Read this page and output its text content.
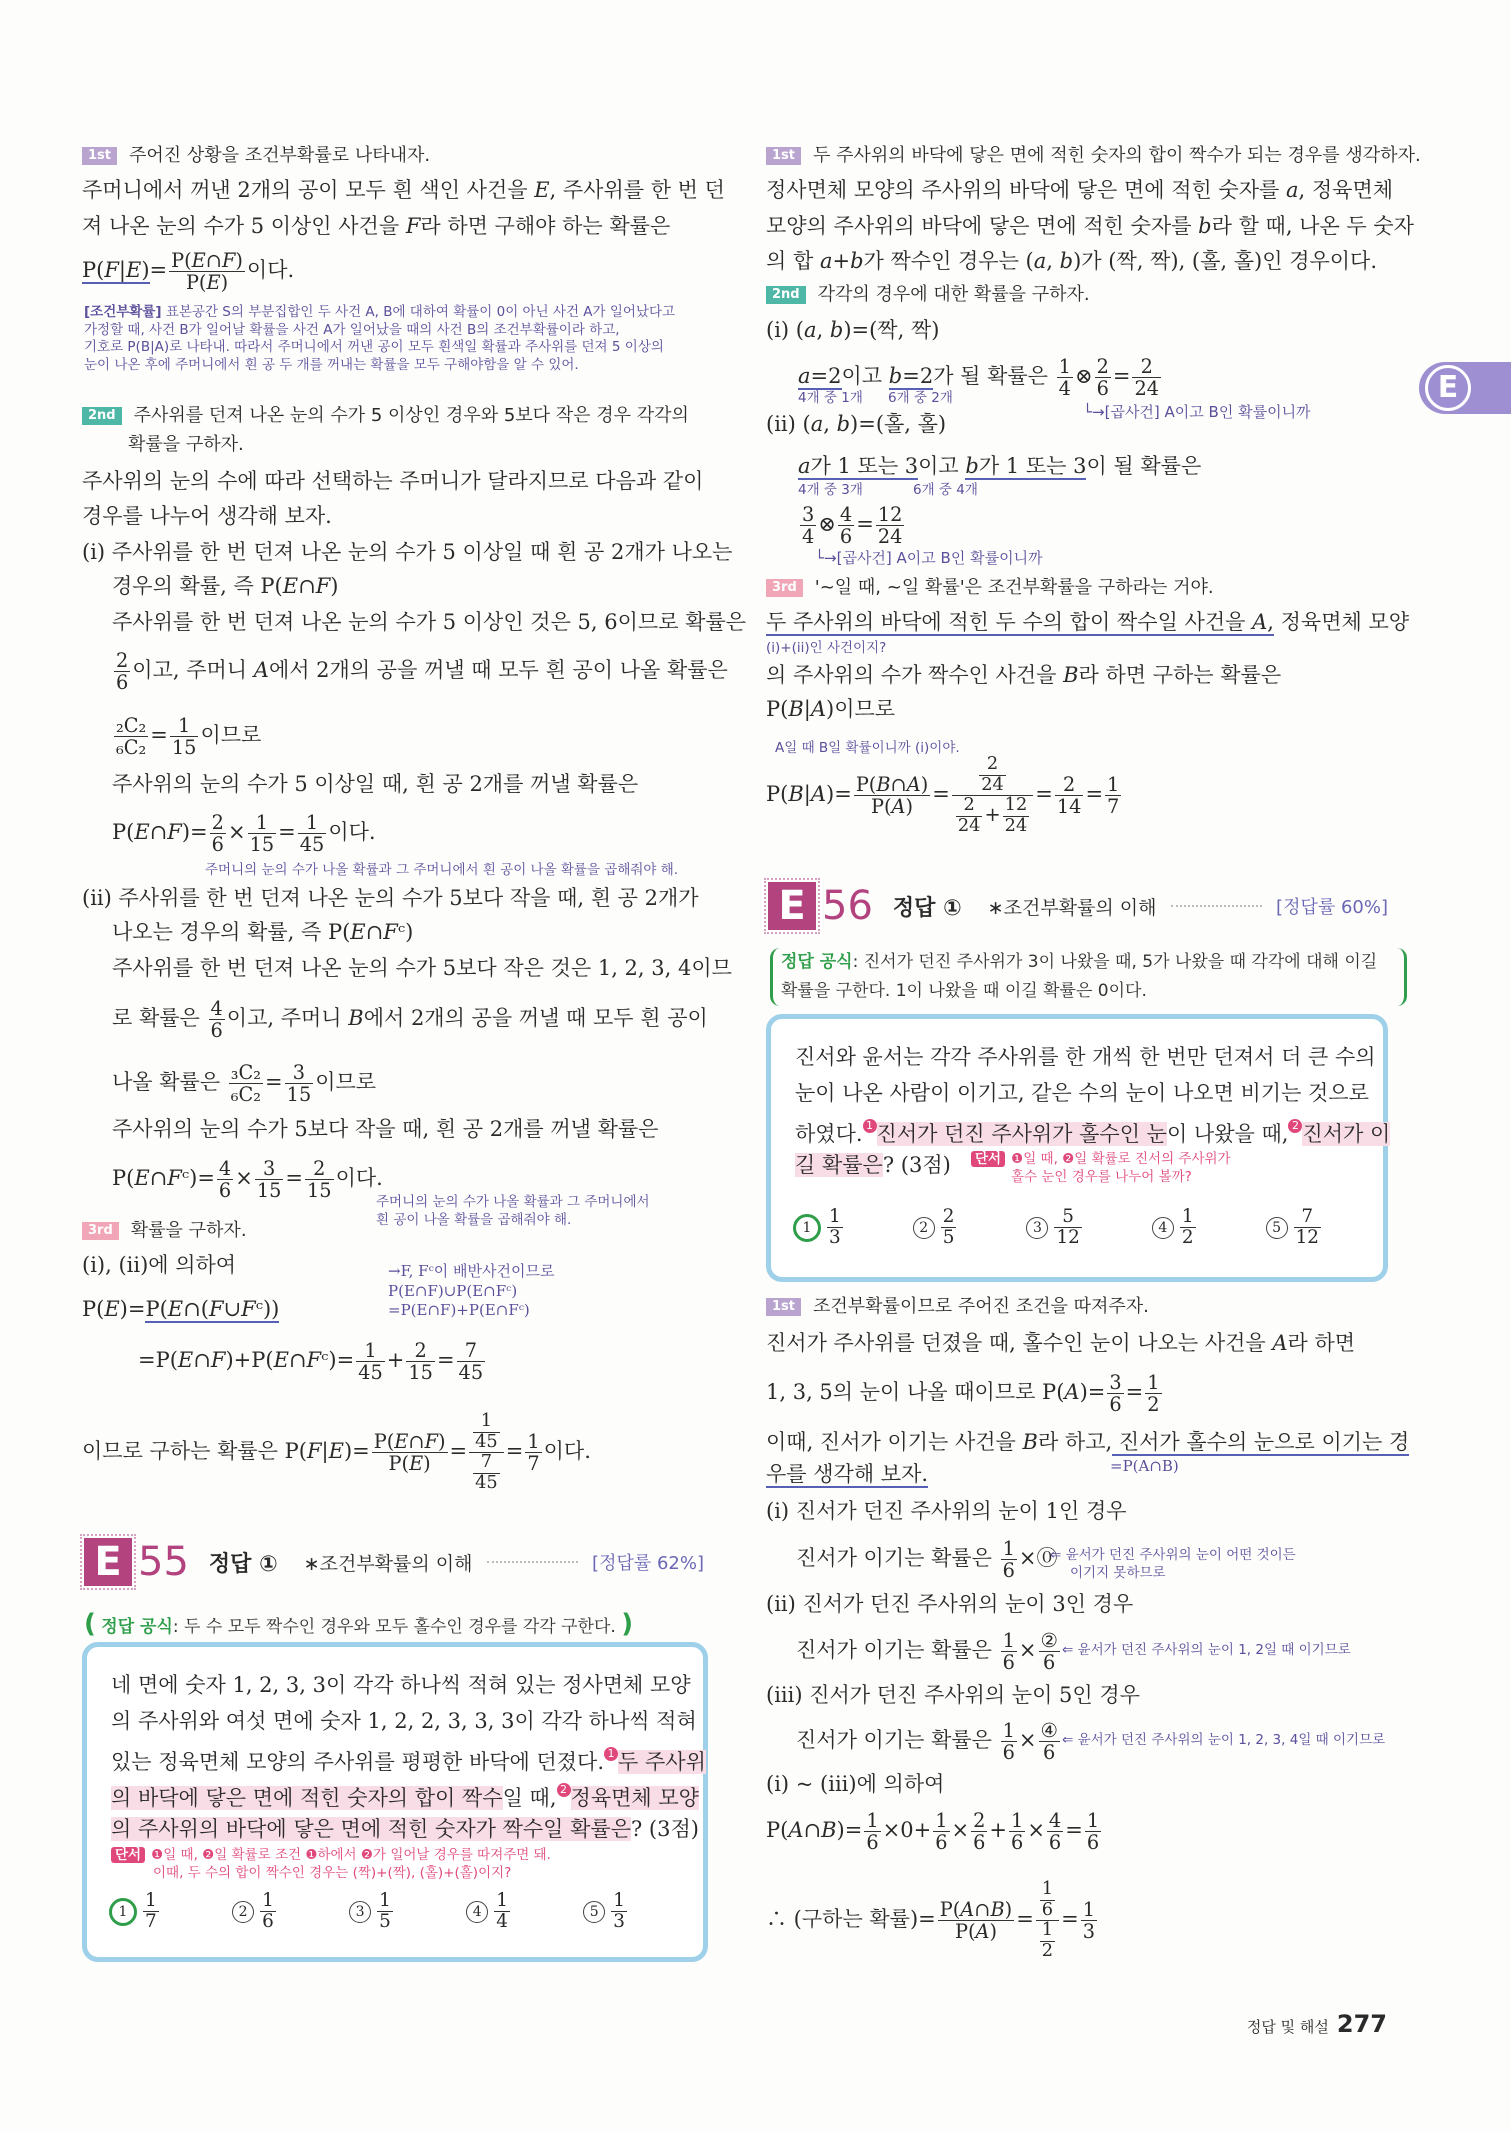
E
1st 주어진 상황을 조건부확률로 나타내자.
주머니에서 꺼낸 2개의 공이 모두 흰 색인 사건을 E, 주사위를 한 번 던
져 나온 눈의 수가 5 이상인 사건을 F라 하면 구해야 하는 확률은
$P(F|E)= \frac{P(E\cap F)}{P(E)}$ 이다.
[조건부확률] 표본공간 S의 부분집합인 두 사건 A, B에 대하여 확률이 0이 아닌 사건 A가 일어났다고
가정할 때, 사건 B가 일어날 확률을 사건 A가 일어났을 때의 사건 B의 조건부확률이라 하고,
기호로 P(B|A)로 나타내. 따라서 주머니에서 꺼낸 공이 모두 흰색일 확률과 주사위를 던져 5 이상의
눈이 나온 후에 주머니에서 흰 공 두 개를 꺼내는 확률을 모두 구해야함을 알 수 있어.
2nd 주사위를 던져 나온 눈의 수가 5 이상인 경우와 5보다 작은 경우 각각의
확률을 구하자.
주사위의 눈의 수에 따라 선택하는 주머니가 달라지므로 다음과 같이
경우를 나누어 생각해 보자.
(i) 주사위를 한 번 던져 나온 눈의 수가 5 이상일 때 흰 공 2개가 나오는
경우의 확률, 즉 P(E∩F)
주사위를 한 번 던져 나온 눈의 수가 5 이상인 것은 5, 6이므로 확률은
$\frac{2}{6}$ 이고, 주머니 A에서 2개의 공을 꺼낼 때 모두 흰 공이 나올 확률은
$\frac{\text{₂C₂}}{\text{₆C₂}} = \frac{1}{15}$ 이므로
주사위의 눈의 수가 5 이상일 때, 흰 공 2개를 꺼낼 확률은
P(E∩F)= $\frac{2}{6} \times \frac{1}{15} = \frac{1}{45}$ 이다.
주머니의 눈의 수가 나올 확률과 그 주머니에서 흰 공이 나올 확률을 곱해줘야 해.
(ii) 주사위를 한 번 던져 나온 눈의 수가 5보다 작을 때, 흰 공 2개가
나오는 경우의 확률, 즉 P(E∩Fᶜ)
주사위를 한 번 던져 나온 눈의 수가 5보다 작은 것은 1, 2, 3, 4이므
로 확률은 $\frac{4}{6}$ 이고, 주머니 B에서 2개의 공을 꺼낼 때 모두 흰 공이
나올 확률은 $\frac{\text{₃C₂}}{\text{₆C₂}} = \frac{3}{15}$ 이므로
주사위의 눈의 수가 5보다 작을 때, 흰 공 2개를 꺼낼 확률은
P(E∩Fᶜ)= $\frac{4}{6} \times \frac{3}{15} = \frac{2}{15}$ 이다.
주머니의 눈의 수가 나올 확률과 그 주머니에서
흰 공이 나올 확률을 곱해줘야 해.
3rd 확률을 구하자.
(i), (ii)에 의하여	→F, Fᶜ이 배반사건이므로
P(E∩F)∪P(E∩Fᶜ)
=P(E∩F)+P(E∩Fᶜ)
P(E)=P(E∩(F∪Fᶜ))
=P(E∩F)+P(E∩Fᶜ)= $\frac{1}{45} + \frac{2}{15} = \frac{7}{45}$
이므로 구하는 확률은 $P(F|E)= \frac{P(E\cap F)}{P(E)} = \frac{\frac{1}{45}}{\frac{7}{45}} = \frac{1}{7}$ 이다.
E 55 정답 ① ∗조건부확률의 이해	[정답률 62%]
( 정답 공식: 두 수 모두 짝수인 경우와 모두 홀수인 경우를 각각 구한다. )
네 면에 숫자 1, 2, 3, 3이 각각 하나씩 적혀 있는 정사면체 모양
의 주사위와 여섯 면에 숫자 1, 2, 2, 3, 3, 3이 각각 하나씩 적혀
있는 정육면체 모양의 주사위를 평평한 바닥에 던졌다. 1 두 주사위
의 바닥에 닿은 면에 적힌 숫자의 합이 짝수일 때, 2 정육면체 모양
의 주사위의 바닥에 닿은 면에 적힌 숫자가 짝수일 확률은? (3점)
단서 ❶일 때, ❷일 확률로 조건 ❶하에서 ❷가 일어날 경우를 따져주면 돼.
이때, 두 수의 합이 짝수인 경우는 (짝)+(짝), (홀)+(홀)이지?
$1 \frac{1}{7}$	$2 \frac{1}{6}$	$3 \frac{1}{5}$	$4 \frac{1}{4}$	$5 \frac{1}{3}$
1st 두 주사위의 바닥에 닿은 면에 적힌 숫자의 합이 짝수가 되는 경우를 생각하자.
정사면체 모양의 주사위의 바닥에 닿은 면에 적힌 숫자를 a, 정육면체
모양의 주사위의 바닥에 닿은 면에 적힌 숫자를 b라 할 때, 나온 두 숫자
의 합 a+b가 짝수인 경우는 (a, b)가 (짝, 짝), (홀, 홀)인 경우이다.
2nd 각각의 경우에 대한 확률을 구하자.
(i) (a, b)=(짝, 짝)
a=2이고 b=2가 될 확률은 $\frac{1}{4}$ ⊗ $\frac{2}{6} = \frac{2}{24}$
4개 중 1개 6개 중 2개
└→[곱사건] A이고 B인 확률이니까
(ii) (a, b)=(홀, 홀)
a가 1 또는 3이고 b가 1 또는 3이 될 확률은
4개 중 3개	6개 중 4개
$\frac{3}{4}$ ⊗ $\frac{4}{6} = \frac{12}{24}$
└→[곱사건] A이고 B인 확률이니까
3rd '~일 때, ~일 확률'은 조건부확률을 구하라는 거야.
두 주사위의 바닥에 적힌 두 수의 합이 짝수일 사건을 A, 정육면체 모양
(i)+(ii)인 사건이지?
의 주사위의 수가 짝수인 사건을 B라 하면 구하는 확률은
P(B|A)이므로
A일 때 B일 확률이니까 (i)이야.
$P(B|A)= \frac{P(B\cap A)}{P(A)} = \frac{\frac{2}{24}}{\frac{2}{24} + \frac{12}{24}} = \frac{2}{14} = \frac{1}{7}$
E 56 정답 ① ∗조건부확률의 이해	[정답률 60%]
정답 공식: 진서가 던진 주사위가 3이 나왔을 때, 5가 나왔을 때 각각에 대해 이길
확률을 구한다. 1이 나왔을 때 이길 확률은 0이다.
진서와 윤서는 각각 주사위를 한 개씩 한 번만 던져서 더 큰 수의
눈이 나온 사람이 이기고, 같은 수의 눈이 나오면 비기는 것으로
하였다. 1 진서가 던진 주사위가 홀수인 눈이 나왔을 때, 2 진서가 이
길 확률은? (3점) 단서 ❶일 때, ❷일 확률로 진서의 주사위가
홀수 눈인 경우를 나누어 볼까?
$1 \frac{1}{3}$	$2 \frac{2}{5}$	$3 \frac{5}{12}$	$4 \frac{1}{2}$	$5 \frac{7}{12}$
1st 조건부확률이므로 주어진 조건을 따져주자.
진서가 주사위를 던졌을 때, 홀수인 눈이 나오는 사건을 A라 하면
1, 3, 5의 눈이 나올 때이므로 $P(A)= \frac{3}{6} = \frac{1}{2}$
이때, 진서가 이기는 사건을 B라 하고, 진서가 홀수의 눈으로 이기는 경
우를 생각해 보자.	=P(A∩B)
(i) 진서가 던진 주사위의 눈이 1인 경우
진서가 이기는 확률은 $\frac{1}{6}$ ×⓪
⇐ 윤서가 던진 주사위의 눈이 어떤 것이든
이기지 못하므로
(ii) 진서가 던진 주사위의 눈이 3인 경우
진서가 이기는 확률은 $\frac{1}{6}$ × ②
6
⇐ 윤서가 던진 주사위의 눈이 1, 2일 때 이기므로
(iii) 진서가 던진 주사위의 눈이 5인 경우
진서가 이기는 확률은 $\frac{1}{6}$ × ④
6
⇐ 윤서가 던진 주사위의 눈이 1, 2, 3, 4일 때 이기므로
(i) ~ (iii)에 의하여
P(A∩B)= $\frac{1}{6} \times 0+ \frac{1}{6} \times \frac{2}{6} + \frac{1}{6} \times \frac{4}{6} = \frac{1}{6}$
∴ (구하는 확률)= $\frac{P(A\cap B)}{P(A)} = \frac{\frac{1}{6}}{\frac{1}{2}} = \frac{1}{3}$
정답 및 해설 277
